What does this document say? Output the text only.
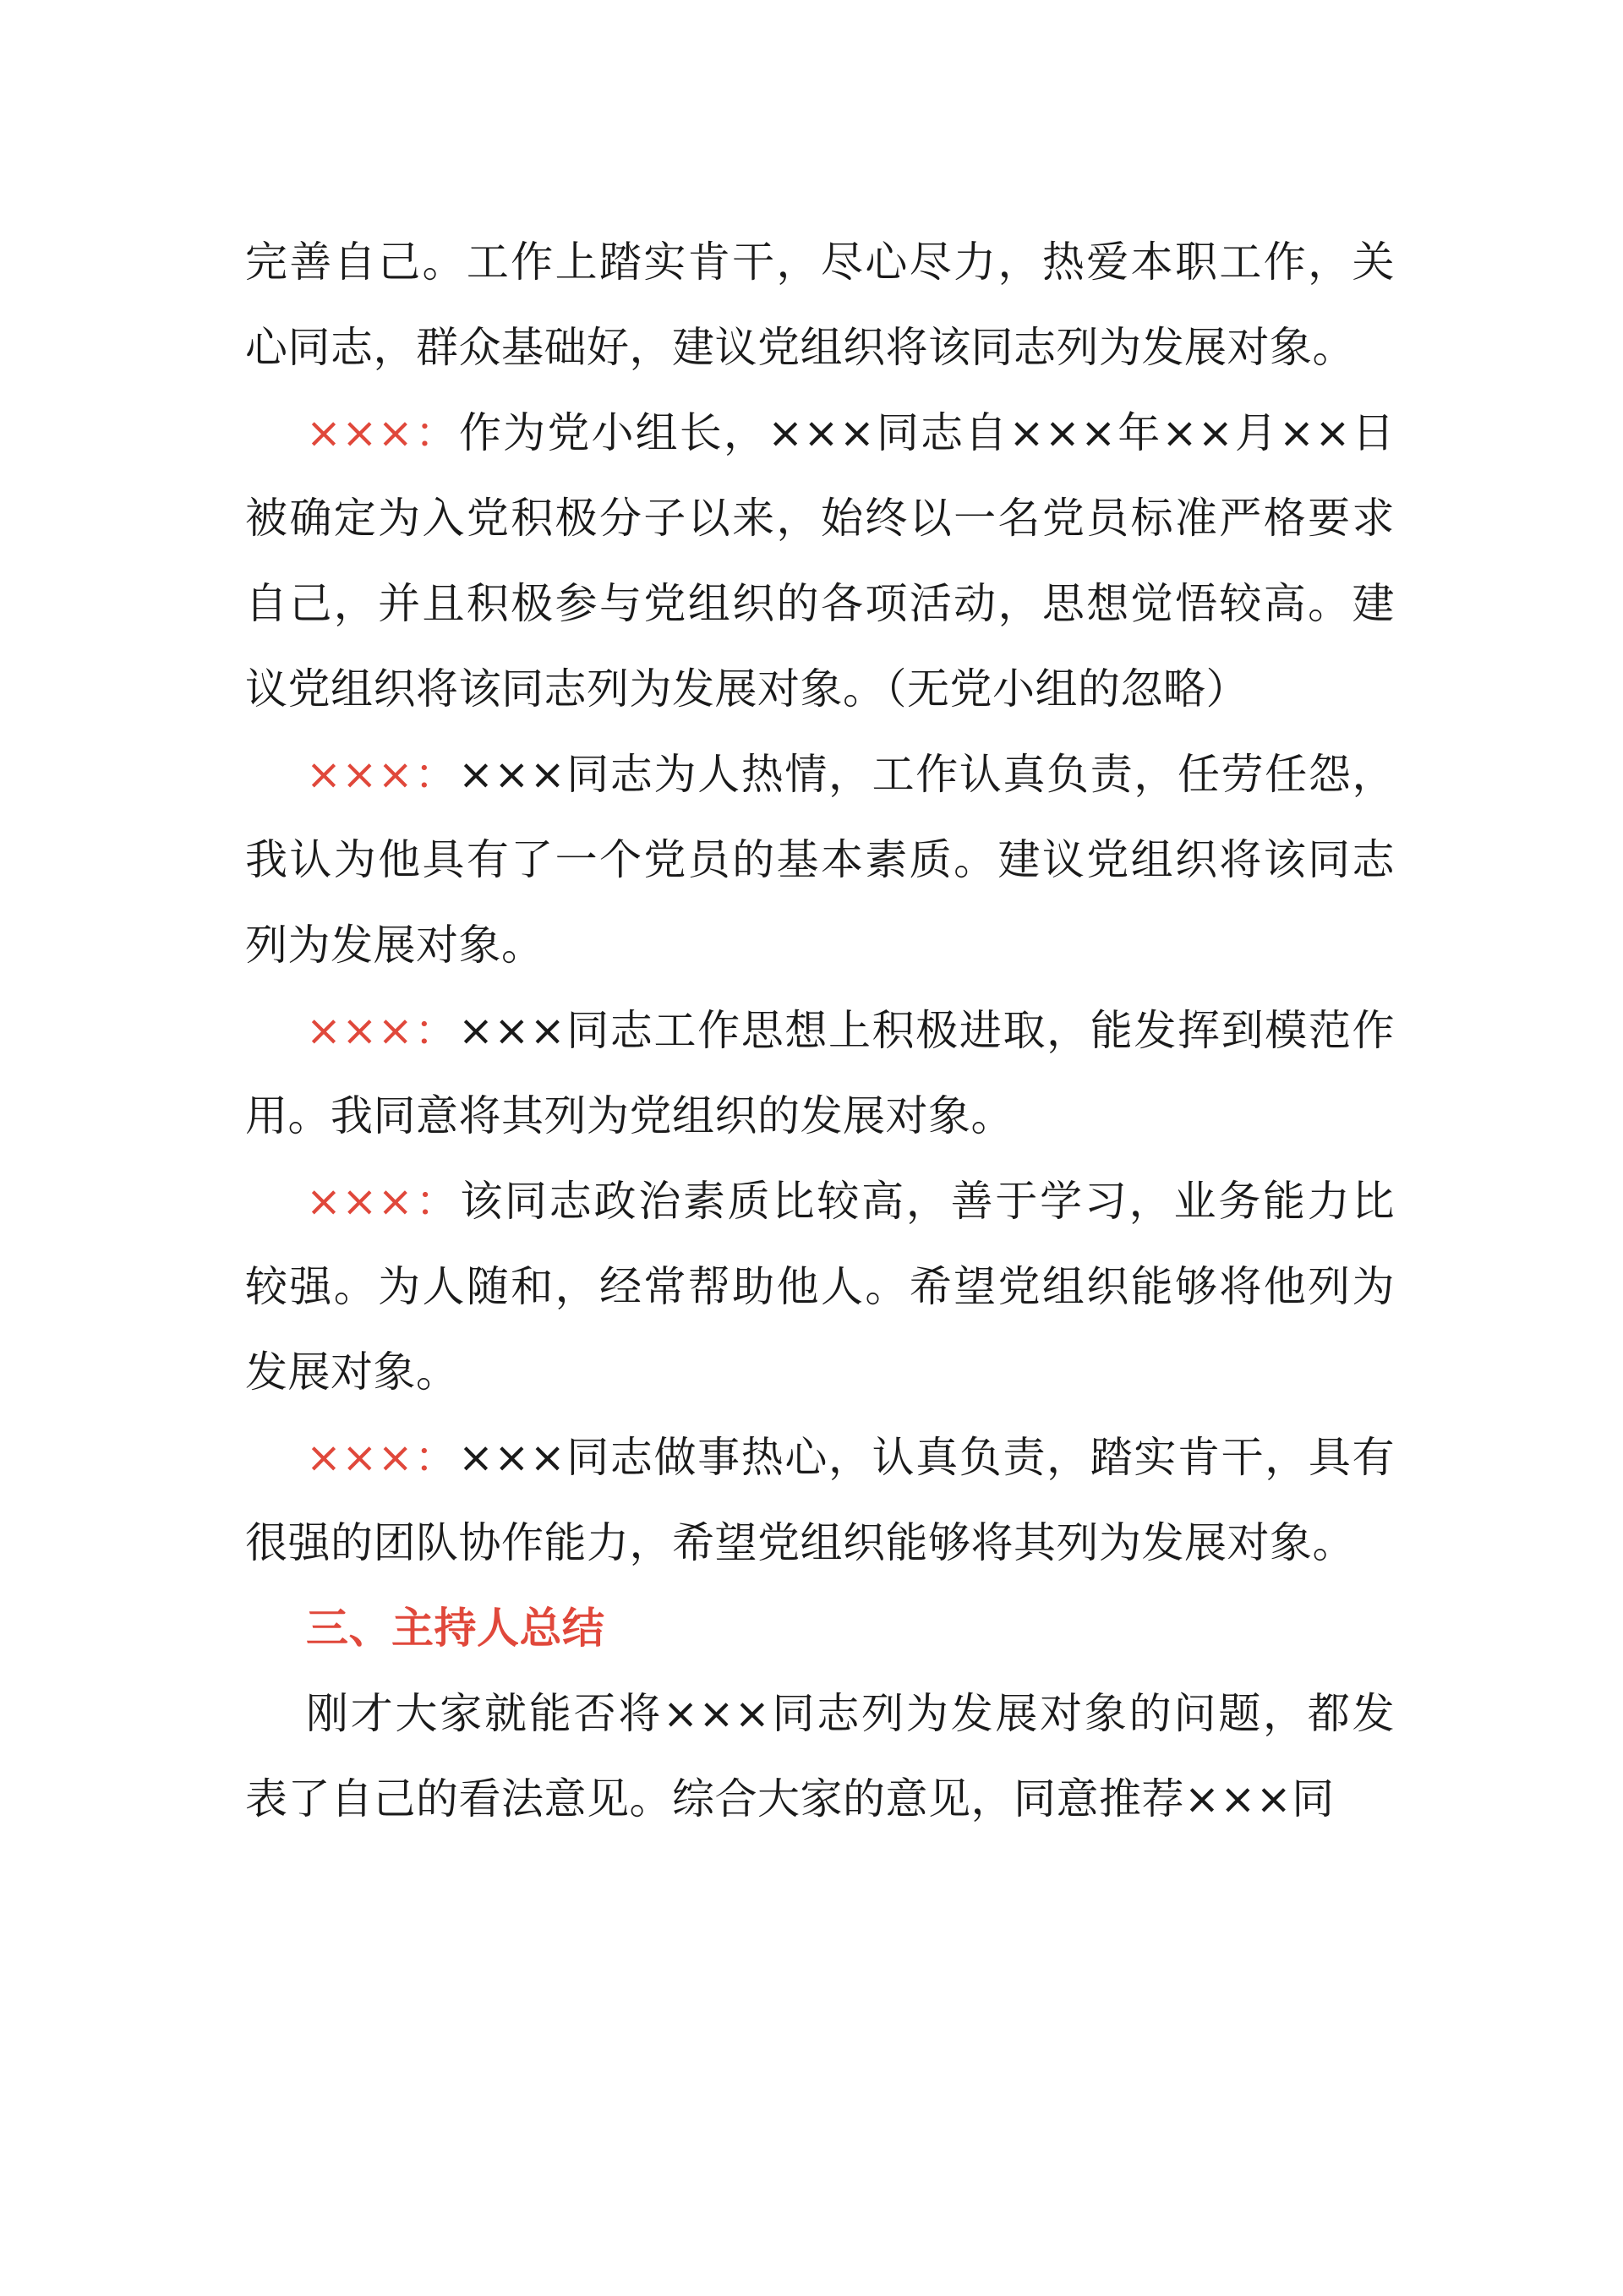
完善自己。工作上踏实肯干，尽心尽力，热爱本职工作，关心同志，群众基础好，建议党组织将该同志列为发展对象。

×××：作为党小组长，×××同志自×××年××月××日被确定为入党积极分子以来，始终以一名党员标准严格要求自己，并且积极参与党组织的各项活动，思想觉悟较高。建议党组织将该同志列为发展对象。（无党小组的忽略）

×××：×××同志为人热情，工作认真负责，任劳任怨，我认为他具有了一个党员的基本素质。建议党组织将该同志列为发展对象。

×××：×××同志工作思想上积极进取，能发挥到模范作用。我同意将其列为党组织的发展对象。

×××：该同志政治素质比较高，善于学习，业务能力比较强。为人随和，经常帮助他人。希望党组织能够将他列为发展对象。

×××：×××同志做事热心，认真负责，踏实肯干，具有很强的团队协作能力，希望党组织能够将其列为发展对象。

三、主持人总结

刚才大家就能否将×××同志列为发展对象的问题，都发表了自己的看法意见。综合大家的意见，同意推荐×××同
